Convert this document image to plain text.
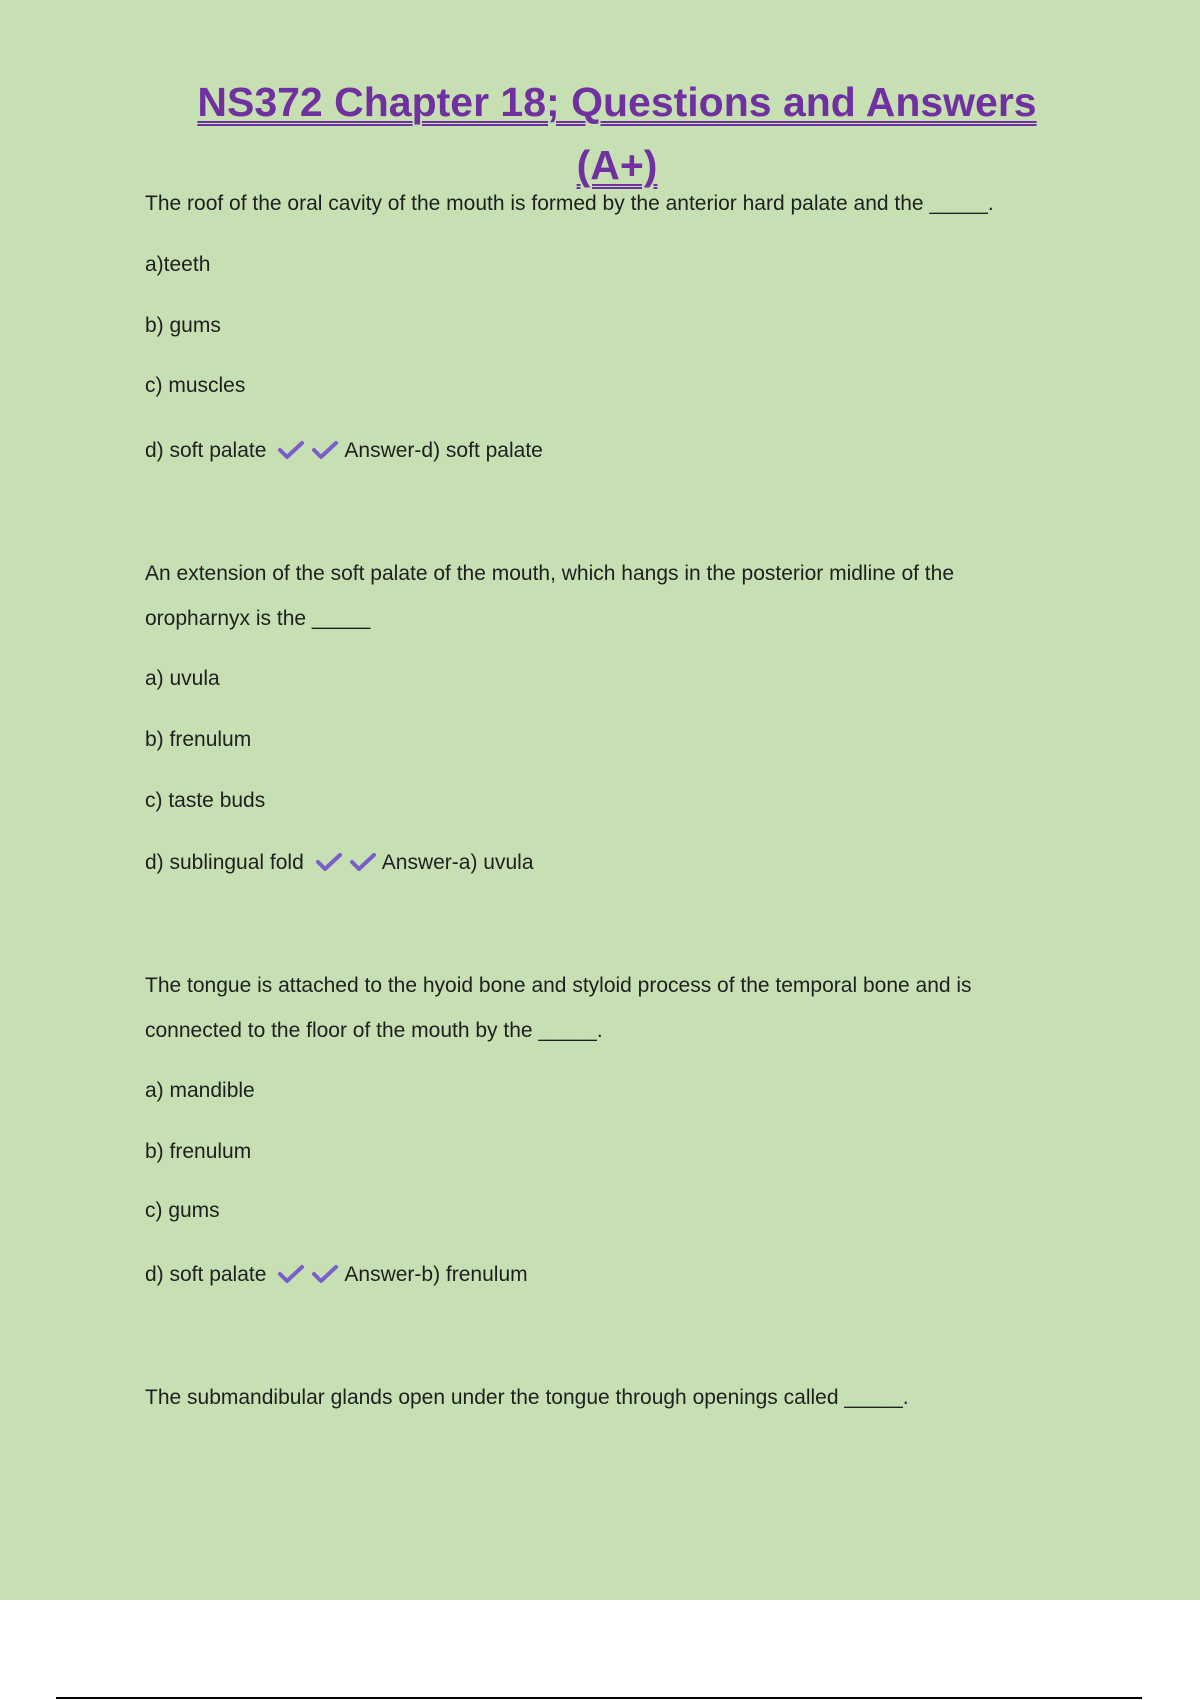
NS372 Chapter 18; Questions and Answers
(A+)
The roof of the oral cavity of the mouth is formed by the anterior hard palate and the _____.
a)teeth
b) gums
c) muscles
d) soft palate	Answer-d) soft palate
An extension of the soft palate of the mouth, which hangs in the posterior midline of the
oropharnyx is the _____
a) uvula
b) frenulum
c) taste buds
d) sublingual fold	Answer-a) uvula
The tongue is attached to the hyoid bone and styloid process of the temporal bone and is
connected to the floor of the mouth by the _____.
a) mandible
b) frenulum
c) gums
d) soft palate	Answer-b) frenulum
The submandibular glands open under the tongue through openings called _____.
